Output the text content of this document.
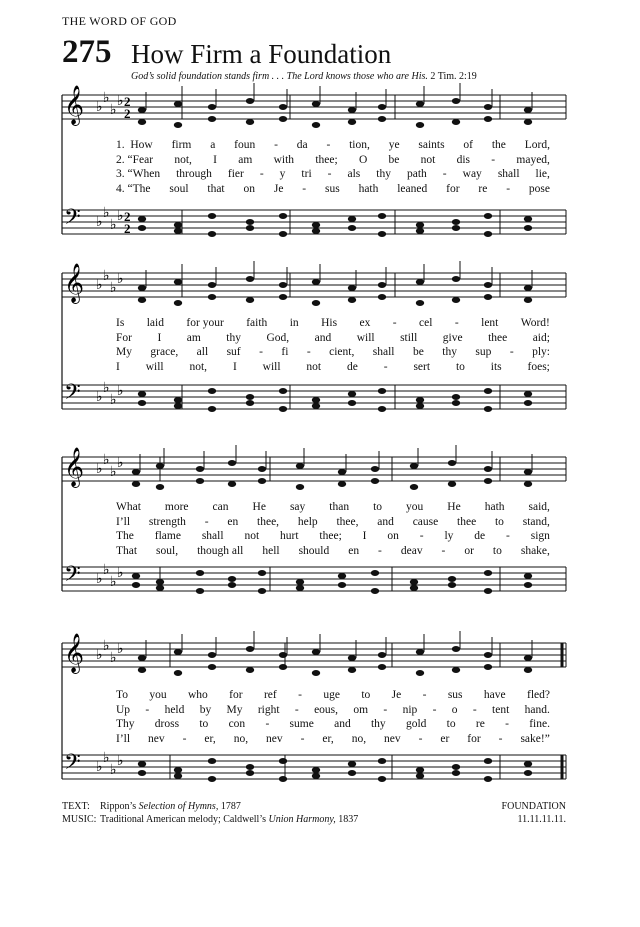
THE WORD OF GOD
275 How Firm a Foundation
God’s solid foundation stands firm . . . The Lord knows those who are His. 2 Tim. 2:19
𝄞 ♭
♭
♭
♭ 2
2
𝄢 ♭
♭
♭
♭ 2
2
𝄞 ♭
♭
♭
♭
𝄢 ♭
♭
♭
♭
𝄞 ♭
♭
♭
♭
𝄢 ♭
♭
♭
♭
𝄞 ♭
♭
♭
♭
𝄢 ♭
♭
♭
♭
1.  How firm a foun - da - tion, ye saints of the Lord,
2. “Fear not, I am with thee; O be not dis - mayed,
3. “When through fier - y tri - als thy path - way shall lie,
4. “The soul that on Je - sus hath leaned for re - pose
Is laid for your faith in His ex - cel - lent Word!
For I am thy God, and will still give thee aid;
My grace, all suf - fi - cient, shall be thy sup - ply:
I will not, I will not de - sert to its foes;
What more can He say than to you He hath said,
I’ll strength - en thee, help thee, and cause thee to stand,
The flame shall not hurt thee; I on - ly de - sign
That soul, though all hell should en - deav - or to shake,
To you who for ref - uge to Je - sus have fled?
Up - held by My right - eous, om - nip - o - tent hand.
Thy dross to con - sume and thy gold to re - fine.
I’ll nev - er, no, nev - er, no, nev - er for - sake!”
TEXT: Rippon’s Selection of Hymns, 1787
MUSIC: Traditional American melody; Caldwell’s Union Harmony, 1837
FOUNDATION
11.11.11.11.
